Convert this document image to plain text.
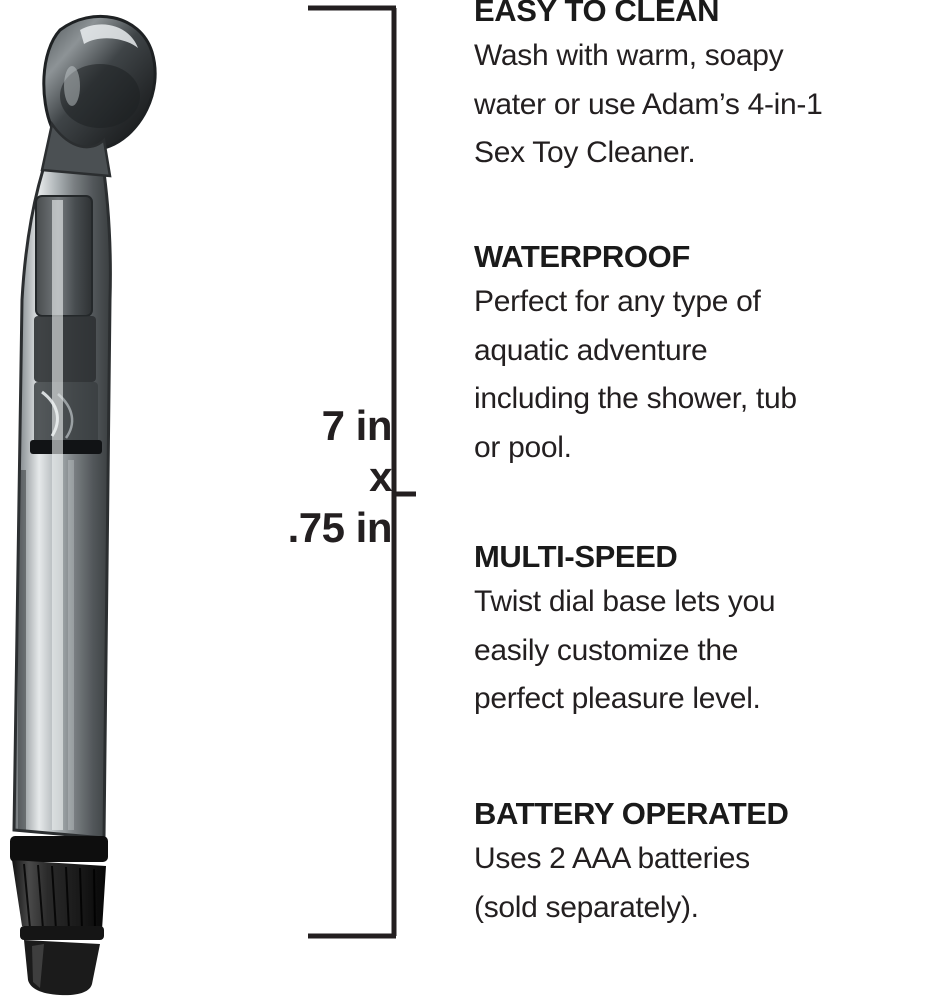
7 in
x
.75 in
EASY TO CLEAN

Wash with warm, soapy
water or use Adam’s 4-in-1
Sex Toy Cleaner.

WATERPROOF

Perfect for any type of
aquatic adventure
including the shower, tub
or pool.

MULTI-SPEED

Twist dial base lets you
easily customize the
perfect pleasure level.

BATTERY OPERATED

Uses 2 AAA batteries
(sold separately).
